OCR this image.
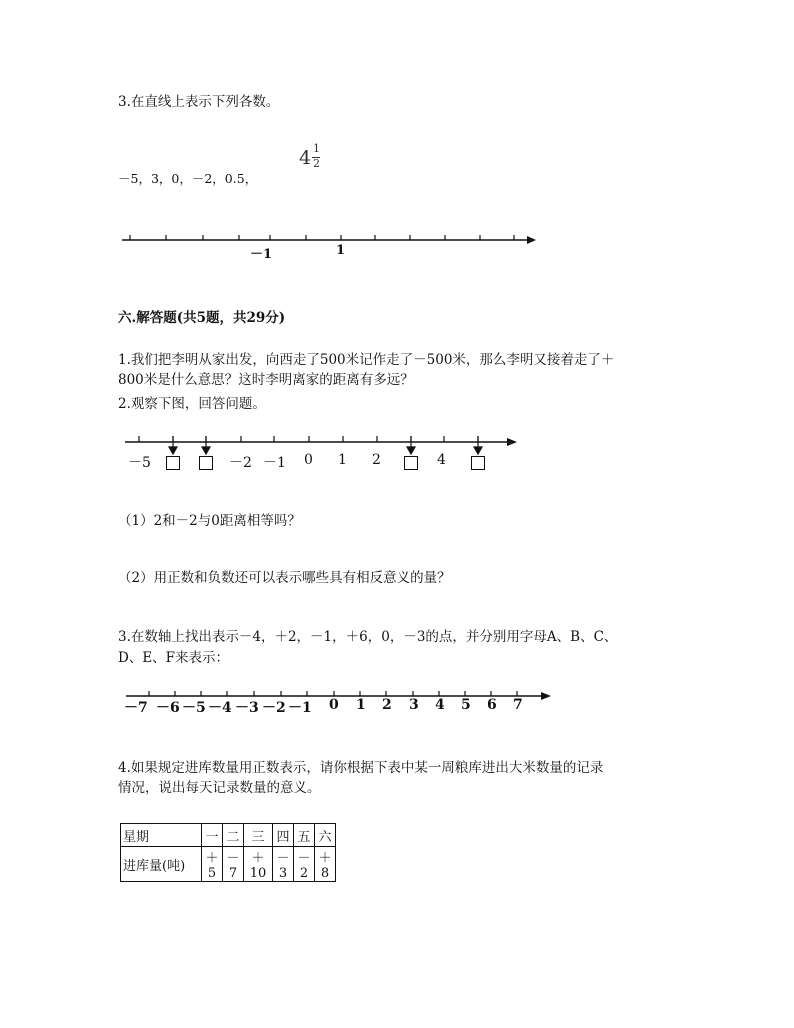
3.在直线上表示下列各数。
4 1
2
－5，3，0，－2，0.5，
－1	1
六.解答题(共5题，共29分)
1.我们把李明从家出发，向西走了500米记作走了－500米，那么李明又接着走了＋
800米是什么意思？这时李明离家的距离有多远？
2.观察下图，回答问题。
－5	－2 －1 0 1 2	4
（1）2和－2与0距离相等吗？
（2）用正数和负数还可以表示哪些具有相反意义的量？
3.在数轴上找出表示－4，＋2，－1，＋6，0，－3的点，并分别用字母A、B、C、
D、E、F来表示：
－7 －6 －5 －4 －3 －2 －1 0 1 2 3 4 5 6 7
4.如果规定进库数量用正数表示，请你根据下表中某一周粮库进出大米数量的记录
情况，说出每天记录数量的意义。
星期	一	二	三	四	五	六
进库量(吨)	＋5	－7	＋10	－3	－2	＋8
